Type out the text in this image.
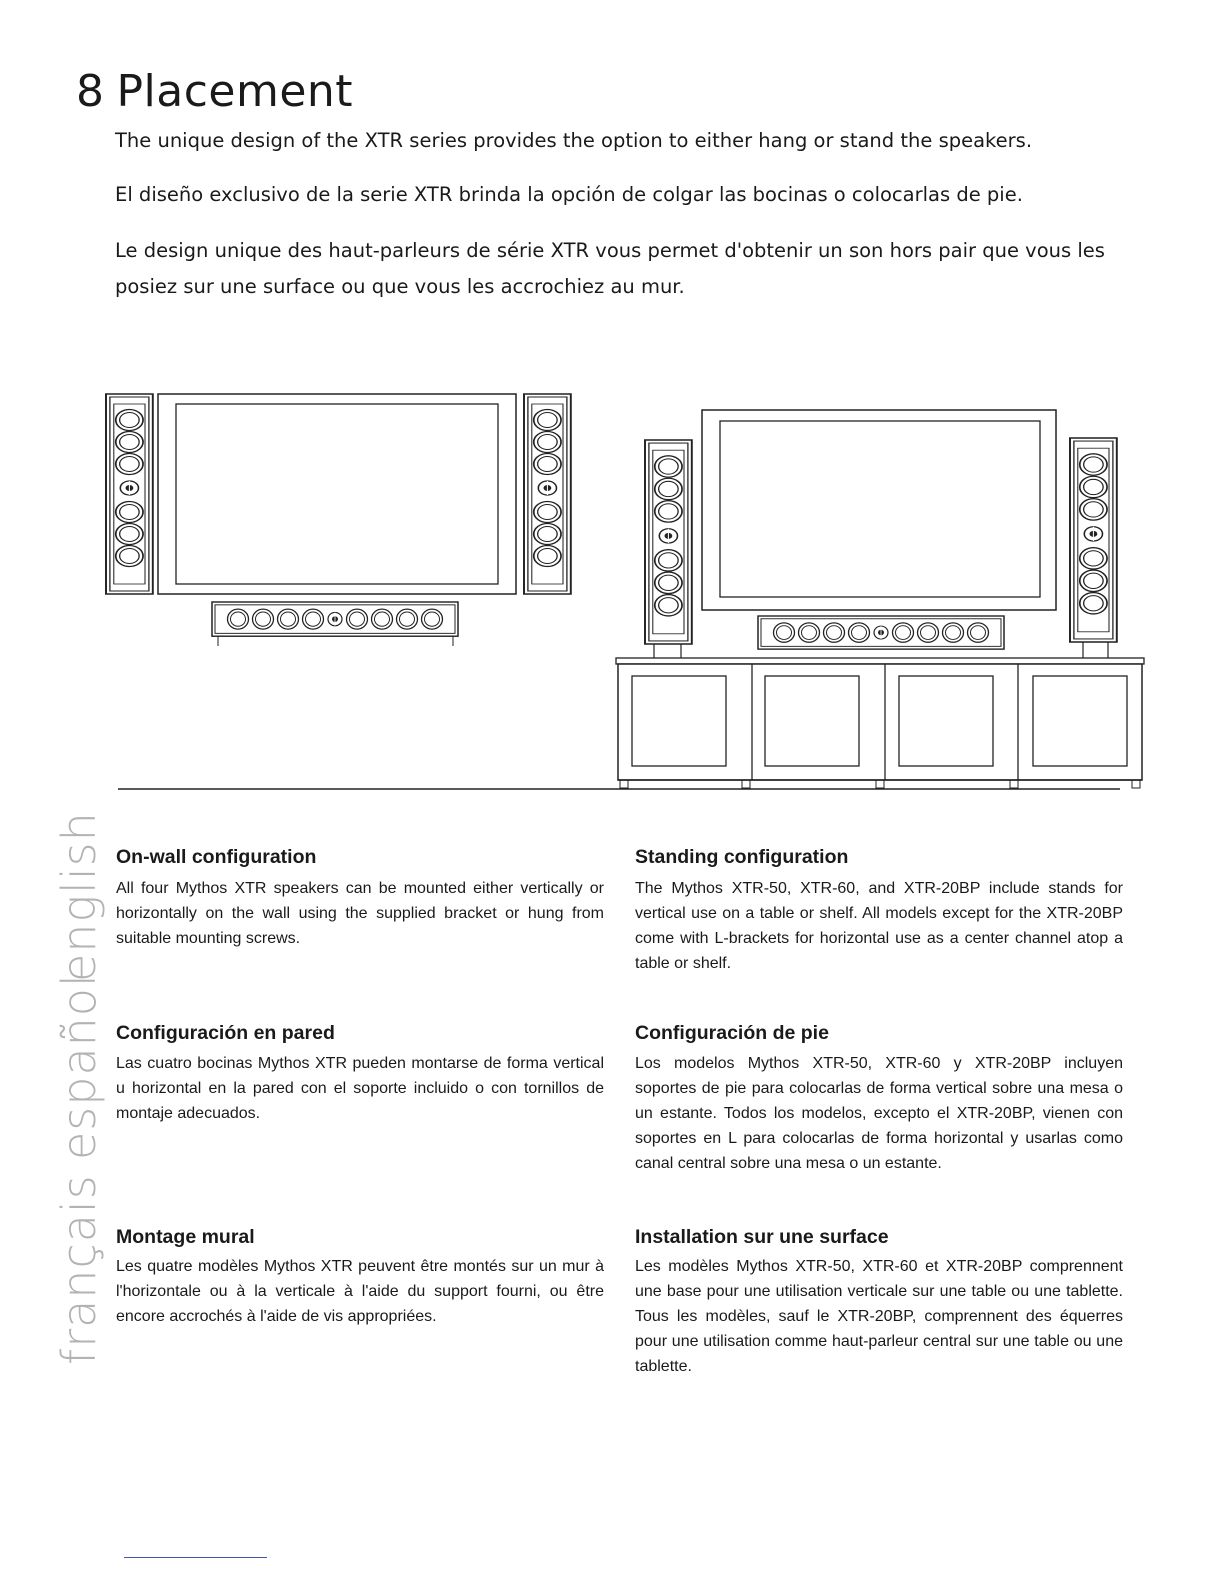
8 Placement

The unique design of the XTR series provides the option to either hang or stand the speakers.

El diseño exclusivo de la serie XTR brinda la opción de colgar las bocinas o colocarlas de pie.

Le design unique des haut-parleurs de série XTR vous permet d'obtenir un son hors pair que vous les posiez sur une surface ou que vous les accrochiez au mur.

english
español
français
On-wall configuration

All four Mythos XTR speakers can be mounted either vertically or horizontally on the wall using the supplied bracket or hung from suitable mounting screws.

Standing configuration

The Mythos XTR-50, XTR-60, and XTR-20BP include stands for vertical use on a table or shelf. All models except for the XTR-20BP come with L-brackets for horizontal use as a center channel atop a table or shelf.

Configuración en pared

Las cuatro bocinas Mythos XTR pueden montarse de forma vertical u horizontal en la pared con el soporte incluido o con tornillos de montaje adecuados.

Configuración de pie

Los modelos Mythos XTR-50, XTR-60 y XTR-20BP incluyen soportes de pie para colocarlas de forma vertical sobre una mesa o un estante. Todos los modelos, excepto el XTR-20BP, vienen con soportes en L para colocarlas de forma horizontal y usarlas como canal central sobre una mesa o un estante.

Montage mural

Les quatre modèles Mythos XTR peuvent être montés sur un mur à l'horizontale ou à la verticale à l'aide du support fourni, ou être encore accrochés à l'aide de vis appropriées.

Installation sur une surface

Les modèles Mythos XTR-50, XTR-60 et XTR-20BP comprennent une base pour une utilisation verticale sur une table ou une tablette. Tous les modèles, sauf le XTR-20BP, comprennent des équerres pour une utilisation comme haut-parleur central sur une table ou une tablette.
